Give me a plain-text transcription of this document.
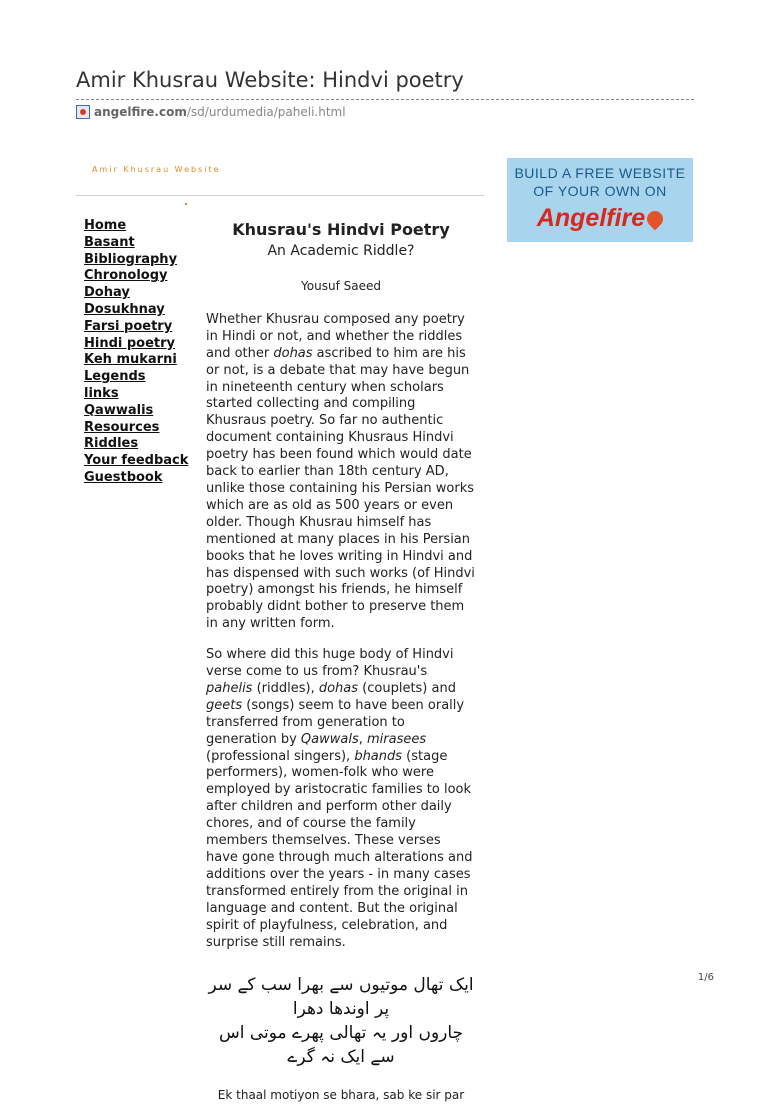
Amir Khusrau Website: Hindvi poetry
angelfire.com/sd/urdumedia/paheli.html
Amir Khusrau Website	BUILD A FREE WEBSITE
OF YOUR OWN ON
Angelfire
Home
Basant
Bibliography
Chronology
Dohay
Dosukhnay
Farsi poetry
Hindi poetry
Keh mukarni
Legends
links
Qawwalis
Resources
Riddles
Your feedback
Guestbook
Khusrau's Hindvi Poetry
An Academic Riddle?
Yousuf Saeed

Whether Khusrau composed any poetry in Hindi or not, and whether the riddles and other dohas ascribed to him are his or not, is a debate that may have begun in nineteenth century when scholars started collecting and compiling Khusraus poetry. So far no authentic document containing Khusraus Hindvi poetry has been found which would date back to earlier than 18th century AD, unlike those containing his Persian works which are as old as 500 years or even older. Though Khusrau himself has mentioned at many places in his Persian books that he loves writing in Hindvi and has dispensed with such works (of Hindvi poetry) amongst his friends, he himself probably didnt bother to preserve them in any written form.

So where did this huge body of Hindvi verse come to us from? Khusrau's pahelis (riddles), dohas (couplets) and geets (songs) seem to have been orally transferred from generation to generation by Qawwals, mirasees (professional singers), bhands (stage performers), women-folk who were employed by aristocratic families to look after children and perform other daily chores, and of course the family members themselves. These verses have gone through much alterations and additions over the years - in many cases transformed entirely from the original in language and content. But the original spirit of playfulness, celebration, and surprise still remains.

ایک تھال موتیوں سے بھرا سب کے سر پر اوندھا دھرا
چاروں اور یہ تھالی پھرے موتی اس سے ایک نہ گرے
Ek thaal motiyon se bhara, sab ke sir par
1/6
